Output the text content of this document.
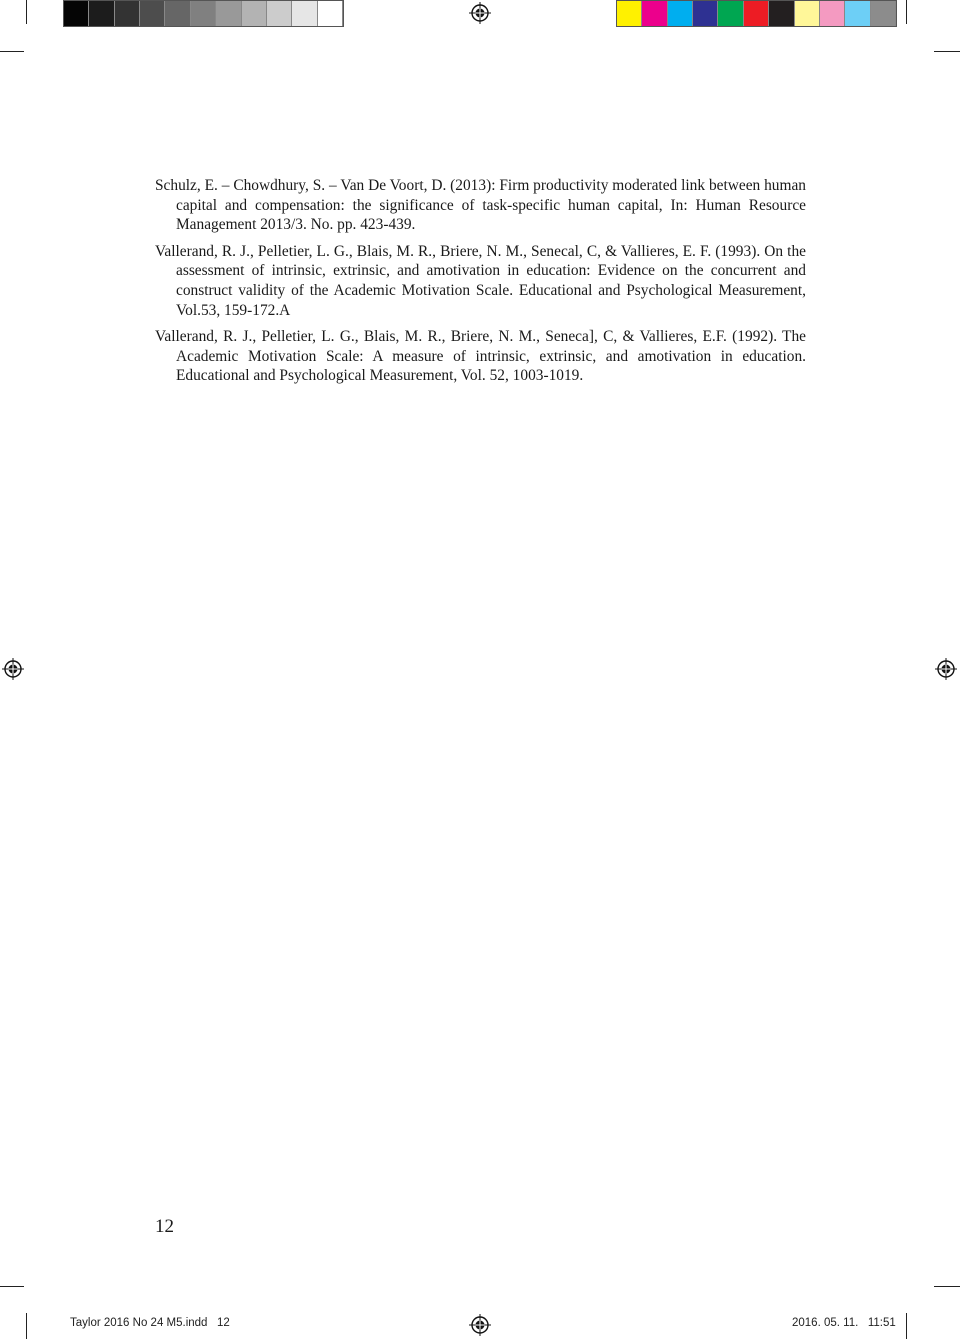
Schulz, E. – Chowdhury, S. – Van De Voort, D. (2013): Firm productivity moderated link between human capital and compensation: the significance of task-specific human capital, In: Human Resource Management 2013/3. No. pp. 423-439.

Vallerand, R. J., Pelletier, L. G., Blais, M. R., Briere, N. M., Senecal, C, & Vallieres, E. F. (1993). On the assessment of intrinsic, extrinsic, and amotivation in education: Evidence on the concurrent and construct validity of the Academic Motivation Scale. Educational and Psychological Measurement, Vol.53, 159-172.A

Vallerand, R. J., Pelletier, L. G., Blais, M. R., Briere, N. M., Seneca], C, & Vallieres, E.F. (1992). The Academic Motivation Scale: A measure of intrinsic, extrinsic, and amotivation in education. Educational and Psychological Measurement, Vol. 52, 1003-1019.

12
Taylor 2016 No 24 M5.indd   12	2016. 05. 11.   11:51
